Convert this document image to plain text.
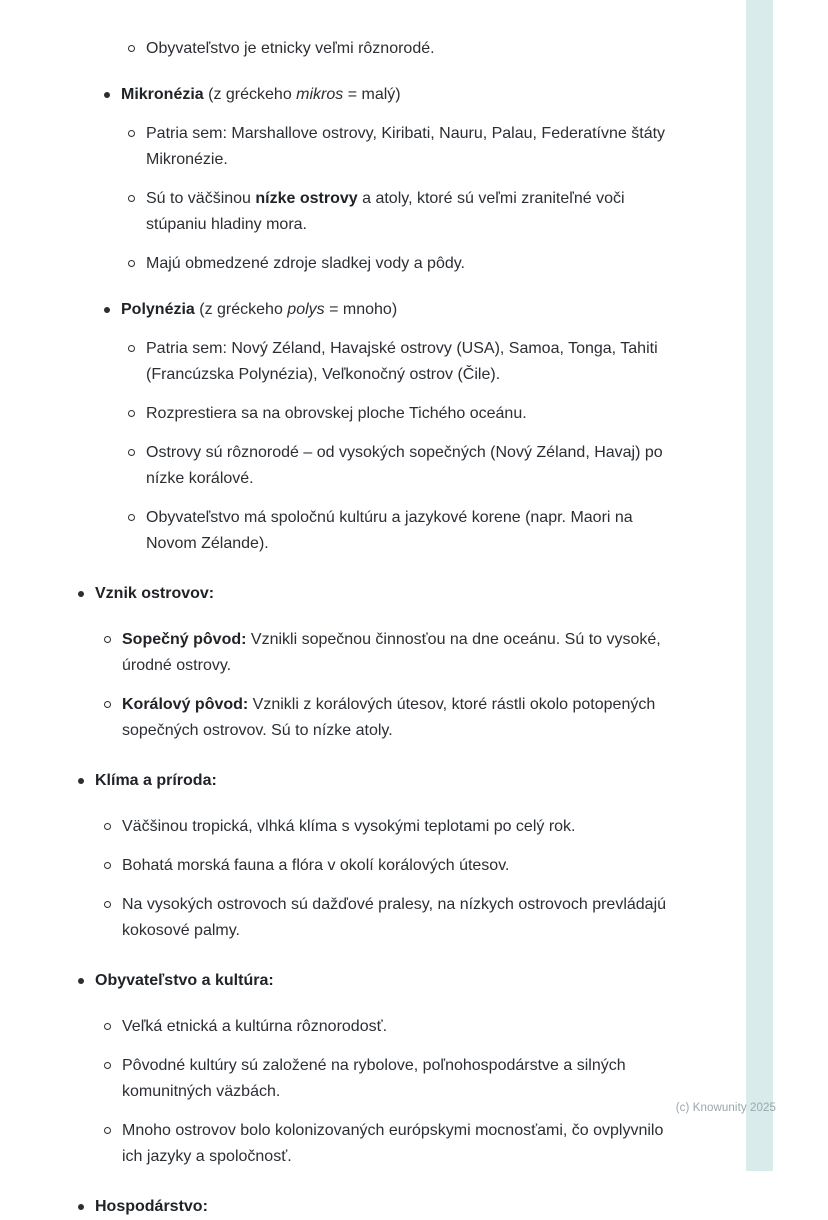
Obyvateľstvo je etnicky veľmi rôznorodé.
Mikronézia (z gréckeho mikros = malý)
Patria sem: Marshallove ostrovy, Kiribati, Nauru, Palau, Federatívne štáty Mikronézie.
Sú to väčšinou nízke ostrovy a atoly, ktoré sú veľmi zraniteľné voči stúpaniu hladiny mora.
Majú obmedzené zdroje sladkej vody a pôdy.
Polynézia (z gréckeho polys = mnoho)
Patria sem: Nový Zéland, Havajské ostrovy (USA), Samoa, Tonga, Tahiti (Francúzska Polynézia), Veľkonočný ostrov (Čile).
Rozprestiera sa na obrovskej ploche Tichého oceánu.
Ostrovy sú rôznorodé – od vysokých sopečných (Nový Zéland, Havaj) po nízke korálové.
Obyvateľstvo má spoločnú kultúru a jazykové korene (napr. Maori na Novom Zélande).
Vznik ostrovov:
Sopečný pôvod: Vznikli sopečnou činnosťou na dne oceánu. Sú to vysoké, úrodné ostrovy.
Korálový pôvod: Vznikli z korálových útesov, ktoré rástli okolo potopených sopečných ostrovov. Sú to nízke atoly.
Klíma a príroda:
Väčšinou tropická, vlhká klíma s vysokými teplotami po celý rok.
Bohatá morská fauna a flóra v okolí korálových útesov.
Na vysokých ostrovoch sú dažďové pralesy, na nízkych ostrovoch prevládajú kokosové palmy.
Obyvateľstvo a kultúra:
Veľká etnická a kultúrna rôznorodosť.
Pôvodné kultúry sú založené na rybolove, poľnohospodárstve a silných komunitných väzbách.
Mnoho ostrovov bolo kolonizovaných európskymi mocnosťami, čo ovplyvnilo ich jazyky a spoločnosť.
Hospodárstvo:
(c) Knowunity 2025
